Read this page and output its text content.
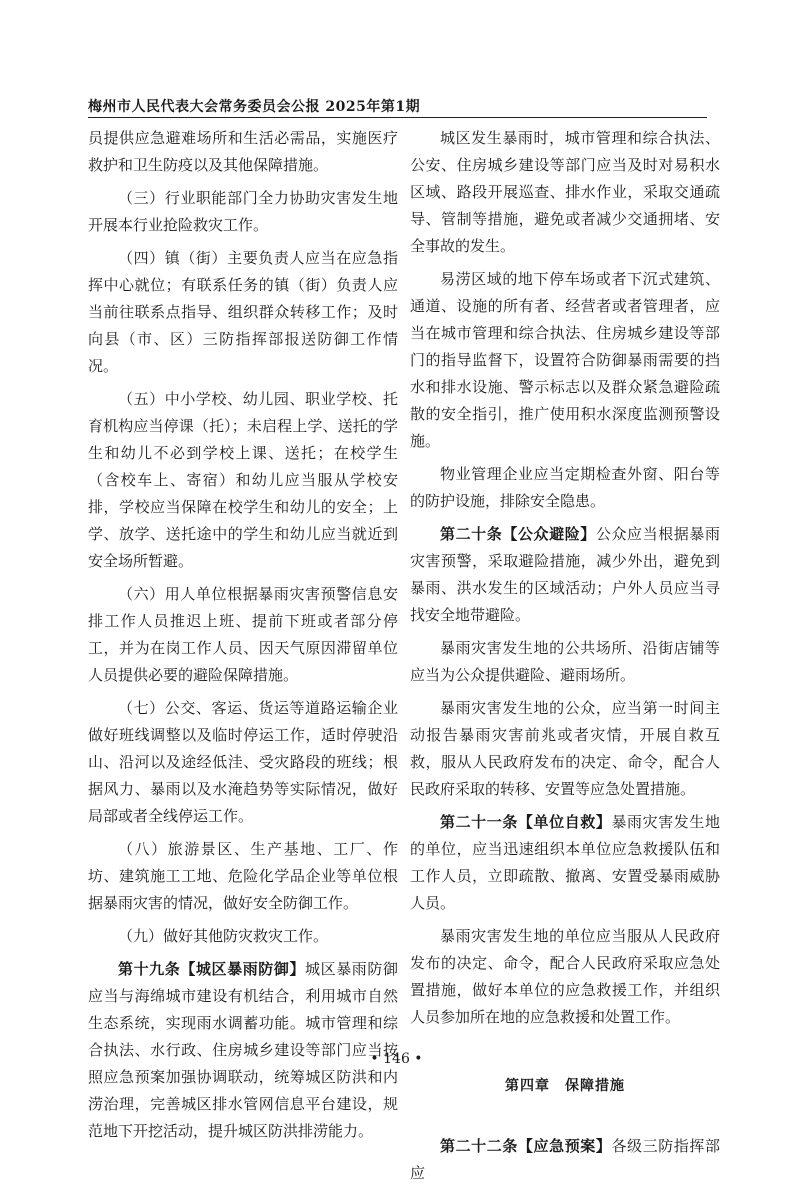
梅州市人民代表大会常务委员会公报 2025年第1期

员提供应急避难场所和生活必需品，实施医疗救护和卫生防疫以及其他保障措施。

（三）行业职能部门全力协助灾害发生地开展本行业抢险救灾工作。

（四）镇（街）主要负责人应当在应急指挥中心就位；有联系任务的镇（街）负责人应当前往联系点指导、组织群众转移工作；及时向县（市、区）三防指挥部报送防御工作情况。

（五）中小学校、幼儿园、职业学校、托育机构应当停课（托）；未启程上学、送托的学生和幼儿不必到学校上课、送托；在校学生（含校车上、寄宿）和幼儿应当服从学校安排，学校应当保障在校学生和幼儿的安全；上学、放学、送托途中的学生和幼儿应当就近到安全场所暂避。

（六）用人单位根据暴雨灾害预警信息安排工作人员推迟上班、提前下班或者部分停工，并为在岗工作人员、因天气原因滞留单位人员提供必要的避险保障措施。

（七）公交、客运、货运等道路运输企业做好班线调整以及临时停运工作，适时停驶沿山、沿河以及途经低洼、受灾路段的班线；根据风力、暴雨以及水淹趋势等实际情况，做好局部或者全线停运工作。

（八）旅游景区、生产基地、工厂、作坊、建筑施工工地、危险化学品企业等单位根据暴雨灾害的情况，做好安全防御工作。

（九）做好其他防灾救灾工作。

第十九条【城区暴雨防御】城区暴雨防御应当与海绵城市建设有机结合，利用城市自然生态系统，实现雨水调蓄功能。城市管理和综合执法、水行政、住房城乡建设等部门应当按照应急预案加强协调联动，统筹城区防洪和内涝治理，完善城区排水管网信息平台建设，规范地下开挖活动，提升城区防洪排涝能力。

城区发生暴雨时，城市管理和综合执法、公安、住房城乡建设等部门应当及时对易积水区域、路段开展巡查、排水作业，采取交通疏导、管制等措施，避免或者减少交通拥堵、安全事故的发生。

易涝区域的地下停车场或者下沉式建筑、通道、设施的所有者、经营者或者管理者，应当在城市管理和综合执法、住房城乡建设等部门的指导监督下，设置符合防御暴雨需要的挡水和排水设施、警示标志以及群众紧急避险疏散的安全指引，推广使用积水深度监测预警设施。

物业管理企业应当定期检查外窗、阳台等的防护设施，排除安全隐患。

第二十条【公众避险】公众应当根据暴雨灾害预警，采取避险措施，减少外出，避免到暴雨、洪水发生的区域活动；户外人员应当寻找安全地带避险。

暴雨灾害发生地的公共场所、沿街店铺等应当为公众提供避险、避雨场所。

暴雨灾害发生地的公众，应当第一时间主动报告暴雨灾害前兆或者灾情，开展自救互救，服从人民政府发布的决定、命令，配合人民政府采取的转移、安置等应急处置措施。

第二十一条【单位自救】暴雨灾害发生地的单位，应当迅速组织本单位应急救援队伍和工作人员，立即疏散、撤离、安置受暴雨威胁人员。

暴雨灾害发生地的单位应当服从人民政府发布的决定、命令，配合人民政府采取应急处置措施，做好本单位的应急救援工作，并组织人员参加所在地的应急救援和处置工作。

第四章　保障措施

第二十二条【应急预案】各级三防指挥部应

• 146 •
